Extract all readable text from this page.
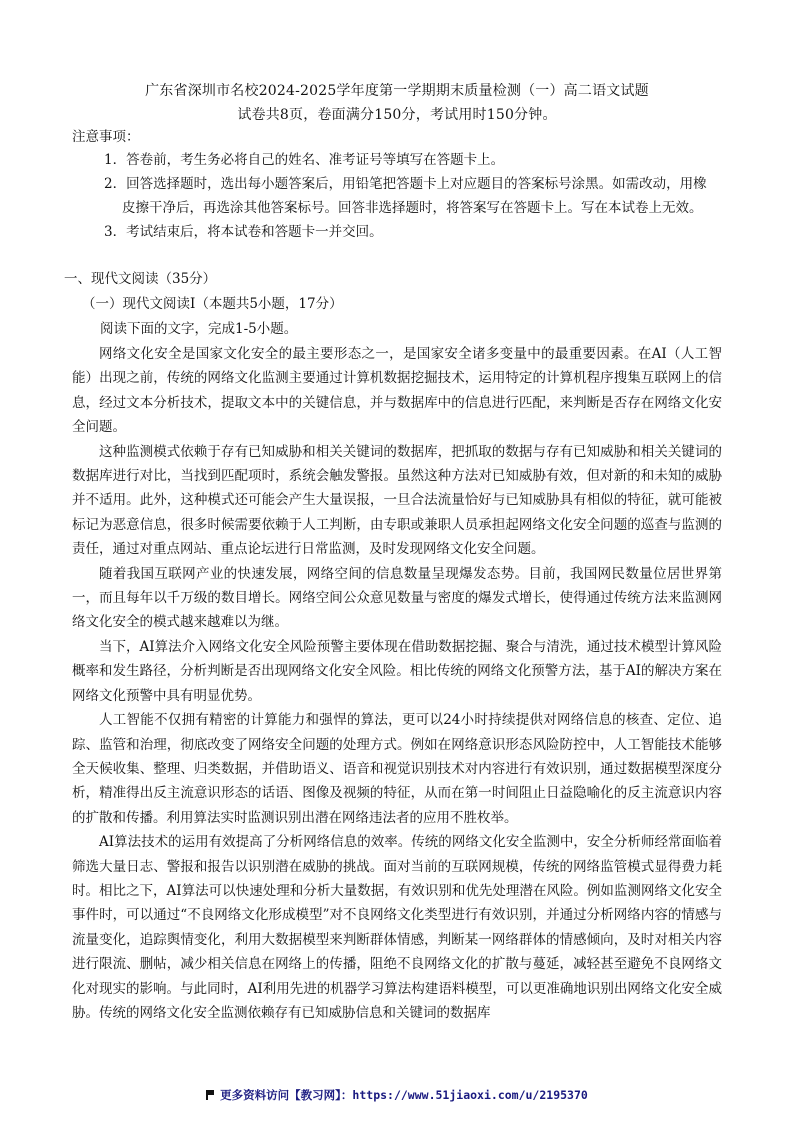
广东省深圳市名校2024-2025学年度第一学期期末质量检测（一）高二语文试题
试卷共8页，卷面满分150分，考试用时150分钟。
注意事项：
1．答卷前，考生务必将自己的姓名、准考证号等填写在答题卡上。
2．回答选择题时，选出每小题答案后，用铅笔把答题卡上对应题目的答案标号涂黑。如需改动，用橡皮擦干净后，再选涂其他答案标号。回答非选择题时，将答案写在答题卡上。写在本试卷上无效。
3．考试结束后，将本试卷和答题卡一并交回。
一、现代文阅读（35分）
（一）现代文阅读Ⅰ（本题共5小题，17分）
阅读下面的文字，完成1-5小题。

网络文化安全是国家文化安全的最主要形态之一，是国家安全诸多变量中的最重要因素。在AI（人工智能）出现之前，传统的网络文化监测主要通过计算机数据挖掘技术，运用特定的计算机程序搜集互联网上的信息，经过文本分析技术，提取文本中的关键信息，并与数据库中的信息进行匹配，来判断是否存在网络文化安全问题。

这种监测模式依赖于存有已知威胁和相关关键词的数据库，把抓取的数据与存有已知威胁和相关关键词的数据库进行对比，当找到匹配项时，系统会触发警报。虽然这种方法对已知威胁有效，但对新的和未知的威胁并不适用。此外，这种模式还可能会产生大量误报，一旦合法流量恰好与已知威胁具有相似的特征，就可能被标记为恶意信息，很多时候需要依赖于人工判断，由专职或兼职人员承担起网络文化安全问题的巡查与监测的责任，通过对重点网站、重点论坛进行日常监测，及时发现网络文化安全问题。

随着我国互联网产业的快速发展，网络空间的信息数量呈现爆发态势。目前，我国网民数量位居世界第一，而且每年以千万级的数目增长。网络空间公众意见数量与密度的爆发式增长，使得通过传统方法来监测网络文化安全的模式越来越难以为继。

当下，AI算法介入网络文化安全风险预警主要体现在借助数据挖掘、聚合与清洗，通过技术模型计算风险概率和发生路径，分析判断是否出现网络文化安全风险。相比传统的网络文化预警方法，基于AI的解决方案在网络文化预警中具有明显优势。

人工智能不仅拥有精密的计算能力和强悍的算法，更可以24小时持续提供对网络信息的核查、定位、追踪、监管和治理，彻底改变了网络安全问题的处理方式。例如在网络意识形态风险防控中，人工智能技术能够全天候收集、整理、归类数据，并借助语义、语音和视觉识别技术对内容进行有效识别，通过数据模型深度分析，精准得出反主流意识形态的话语、图像及视频的特征，从而在第一时间阻止日益隐喻化的反主流意识内容的扩散和传播。利用算法实时监测识别出潜在网络违法者的应用不胜枚举。

AI算法技术的运用有效提高了分析网络信息的效率。传统的网络文化安全监测中，安全分析师经常面临着筛选大量日志、警报和报告以识别潜在威胁的挑战。面对当前的互联网规模，传统的网络监管模式显得费力耗时。相比之下，AI算法可以快速处理和分析大量数据，有效识别和优先处理潜在风险。例如监测网络文化安全事件时，可以通过“不良网络文化形成模型”对不良网络文化类型进行有效识别，并通过分析网络内容的情感与流量变化，追踪舆情变化，利用大数据模型来判断群体情感，判断某一网络群体的情感倾向，及时对相关内容进行限流、删帖，减少相关信息在网络上的传播，阻绝不良网络文化的扩散与蔓延，减轻甚至避免不良网络文化对现实的影响。与此同时，AI利用先进的机器学习算法构建语料模型，可以更准确地识别出网络文化安全威胁。传统的网络文化安全监测依赖存有已知威胁信息和关键词的数据库

更多资料访问【教习网】：https://www.51jiaoxi.com/u/2195370
